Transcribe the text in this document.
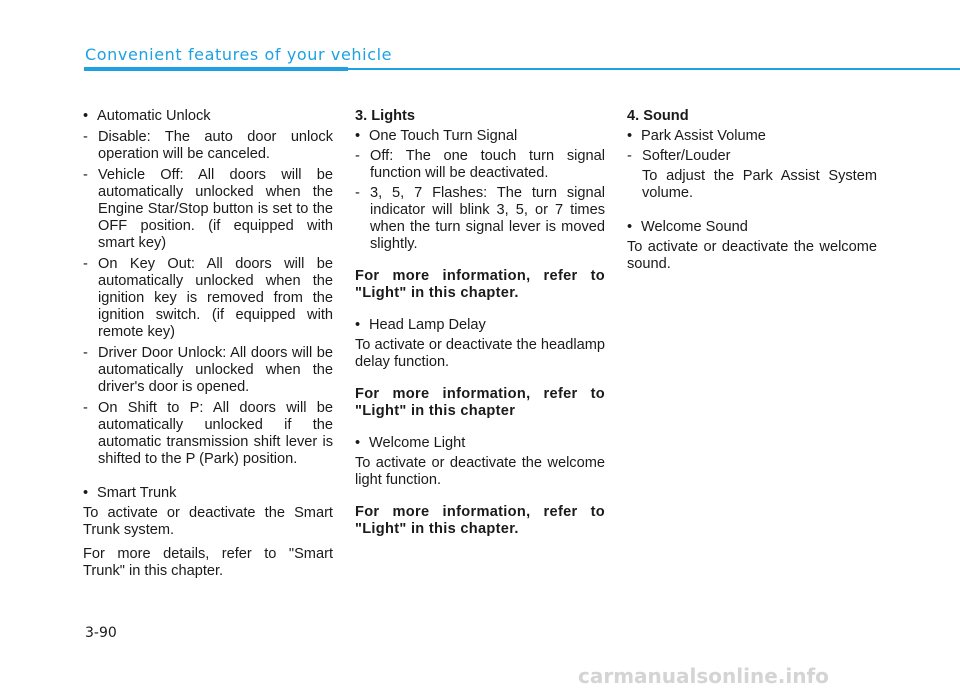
Convenient features of your vehicle

• Automatic Unlock

- Disable: The auto door unlock operation will be canceled.

- Vehicle Off: All doors will be automatically unlocked when the Engine Star/Stop button is set to the OFF position. (if equipped with smart key)

- On Key Out: All doors will be automatically unlocked when the ignition key is removed from the ignition switch. (if equipped with remote key)

- Driver Door Unlock: All doors will be automatically unlocked when the driver's door is opened.

- On Shift to P: All doors will be automatically unlocked if the automatic transmission shift lever is shifted to the P (Park) position.

• Smart Trunk

To activate or deactivate the Smart Trunk system.

For more details, refer to "Smart Trunk" in this chapter.

3. Lights

• One Touch Turn Signal

- Off: The one touch turn signal function will be deactivated.

- 3, 5, 7 Flashes: The turn signal indicator will blink 3, 5, or 7 times when the turn signal lever is moved slightly.

For more information, refer to "Light" in this chapter.

• Head Lamp Delay

To activate or deactivate the headlamp delay function.

For more information, refer to "Light" in this chapter

• Welcome Light

To activate or deactivate the welcome light function.

For more information, refer to "Light" in this chapter.

4. Sound

• Park Assist Volume

- Softer/Louder

To adjust the Park Assist System volume.

• Welcome Sound

To activate or deactivate the welcome sound.

3-90
carmanualsonline.info
